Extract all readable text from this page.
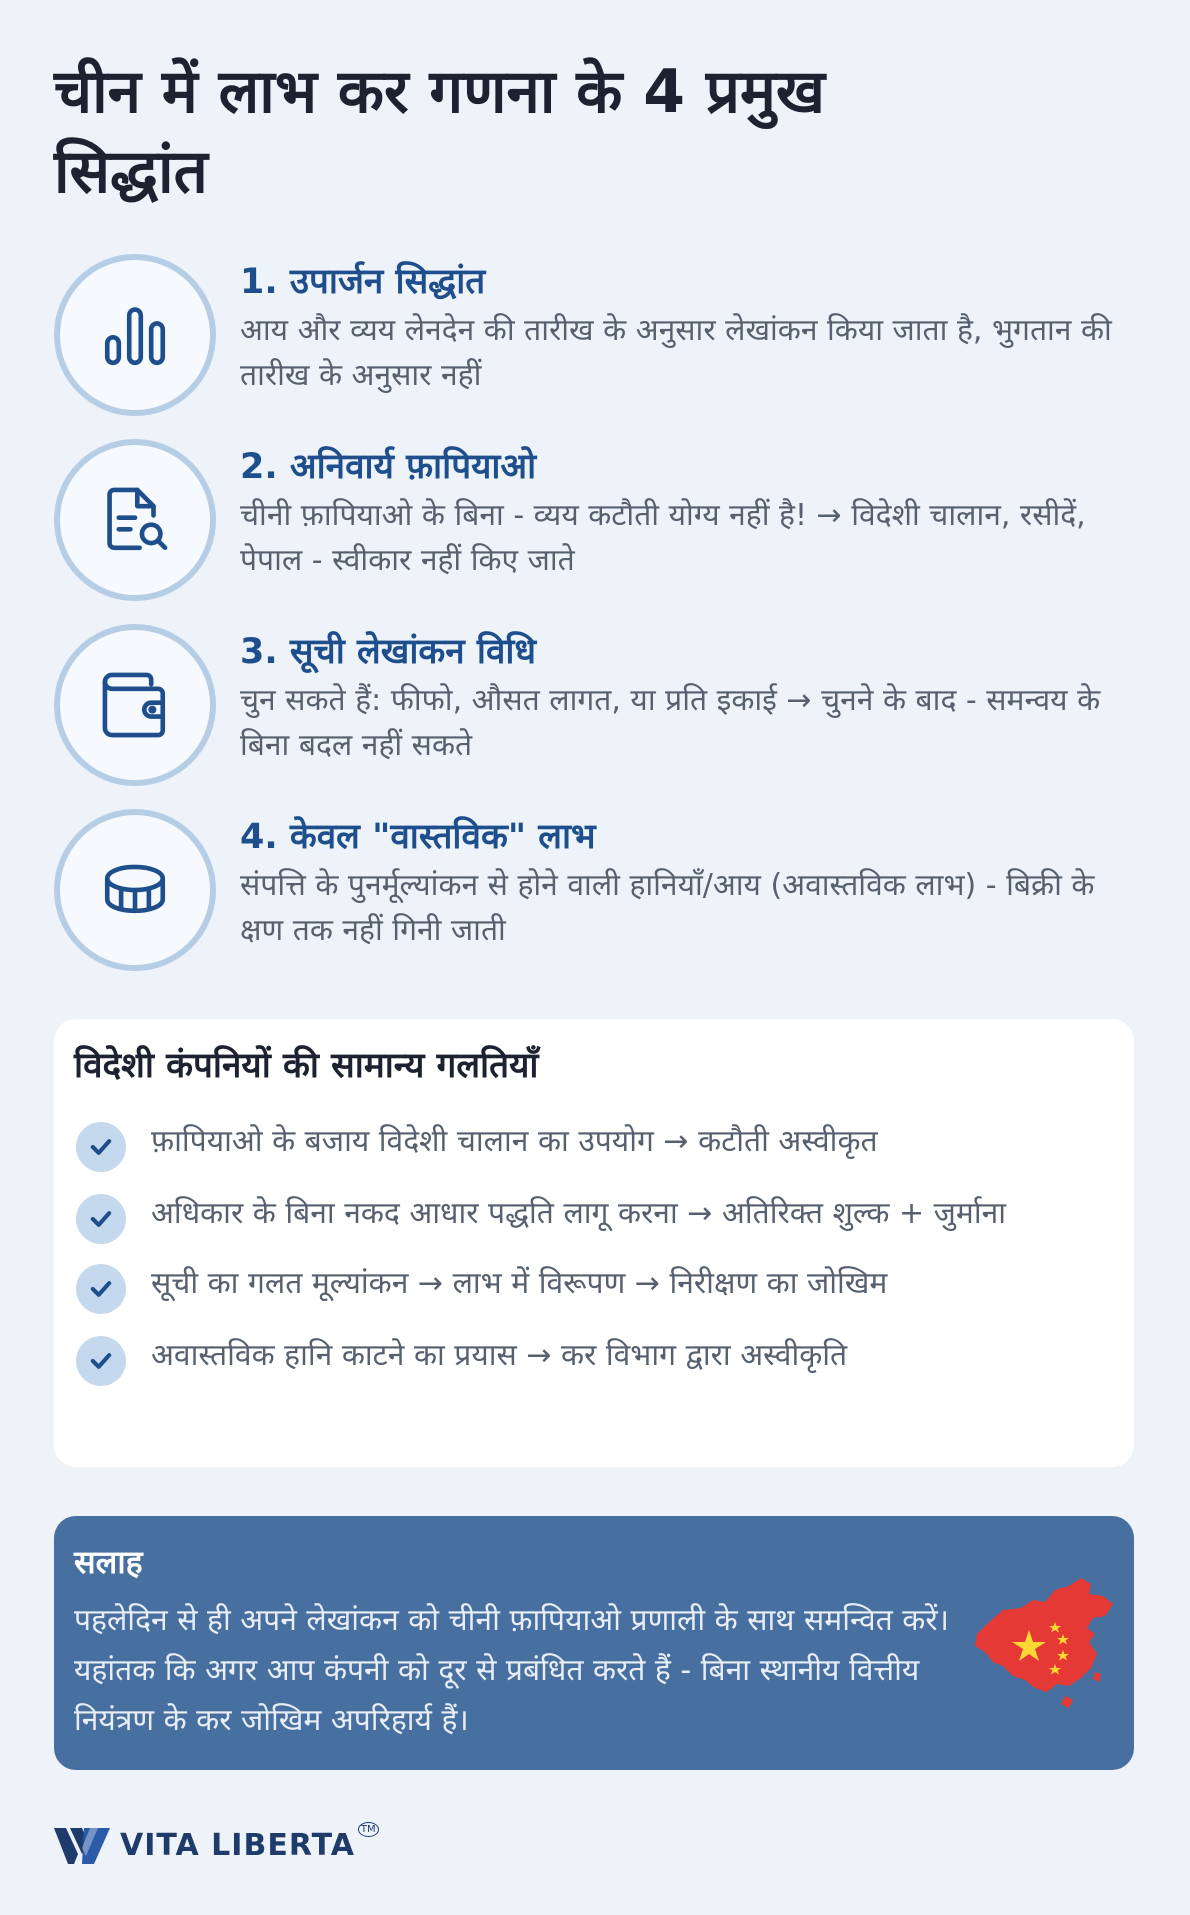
चीन में लाभ कर गणना के 4 प्रमुख सिद्धांत
1. उपार्जन सिद्धांत

आय और व्यय लेनदेन की तारीख के अनुसार लेखांकन किया जाता है, भुगतान की तारीख के अनुसार नहीं

2. अनिवार्य फ़ापियाओ

चीनी फ़ापियाओ के बिना - व्यय कटौती योग्य नहीं है! → विदेशी चालान, रसीदें, पेपाल - स्वीकार नहीं किए जाते

3. सूची लेखांकन विधि

चुन सकते हैं: फीफो, औसत लागत, या प्रति इकाई → चुनने के बाद - समन्वय के बिना बदल नहीं सकते

4. केवल "वास्तविक" लाभ

संपत्ति के पुनर्मूल्यांकन से होने वाली हानियाँ/आय (अवास्तविक लाभ) - बिक्री के क्षण तक नहीं गिनी जाती

विदेशी कंपनियों की सामान्य गलतियाँ
फ़ापियाओ के बजाय विदेशी चालान का उपयोग → कटौती अस्वीकृत
अधिकार के बिना नकद आधार पद्धति लागू करना → अतिरिक्त शुल्क + जुर्माना
सूची का गलत मूल्यांकन → लाभ में विरूपण → निरीक्षण का जोखिम
अवास्तविक हानि काटने का प्रयास → कर विभाग द्वारा अस्वीकृति
सलाह

पहलेदिन से ही अपने लेखांकन को चीनी फ़ापियाओ प्रणाली के साथ समन्वित करें। यहांतक कि अगर आप कंपनी को दूर से प्रबंधित करते हैं - बिना स्थानीय वित्तीय नियंत्रण के कर जोखिम अपरिहार्य हैं।

VITA LIBERTA TM
